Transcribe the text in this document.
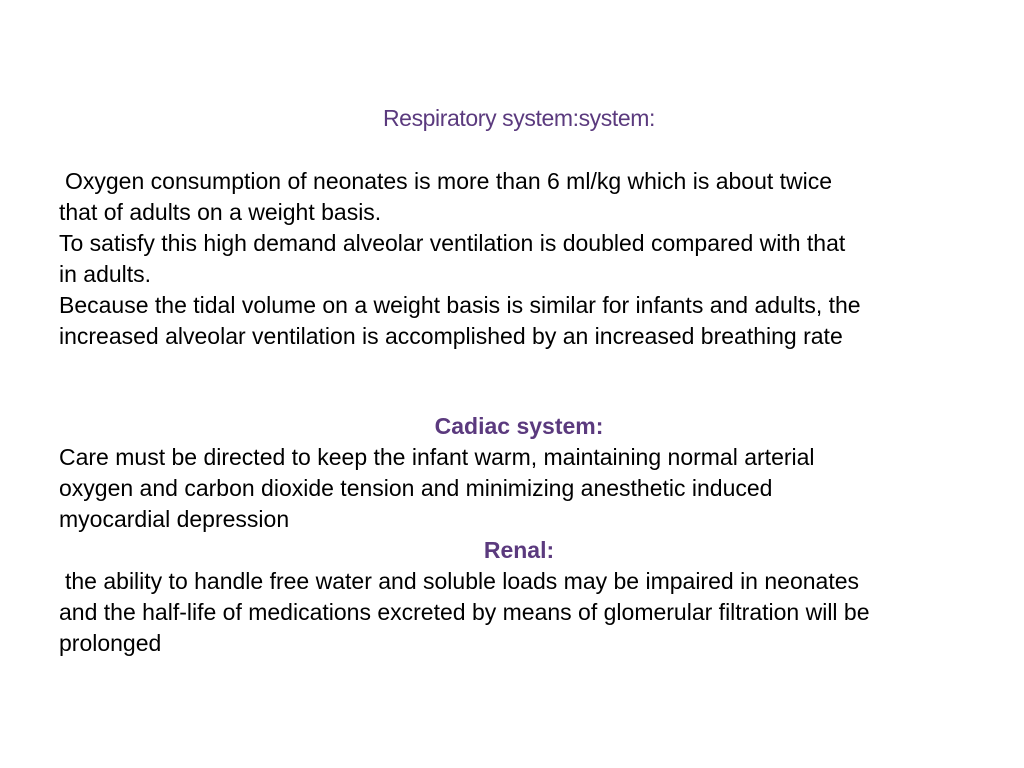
Respiratory system:system:
Oxygen consumption of neonates is more than 6 ml/kg which is about twice
that of adults on a weight basis.
To satisfy this high demand alveolar ventilation is doubled compared with that
in adults.
Because the tidal volume on a weight basis is similar for infants and adults, the
increased alveolar ventilation is accomplished by an increased breathing rate
Cadiac system:
Care must be directed to keep the infant warm, maintaining normal arterial
oxygen and carbon dioxide tension and minimizing anesthetic induced
myocardial depression
Renal:
the ability to handle free water and soluble loads may be impaired in neonates
and the half-life of medications excreted by means of glomerular filtration will be
prolonged
